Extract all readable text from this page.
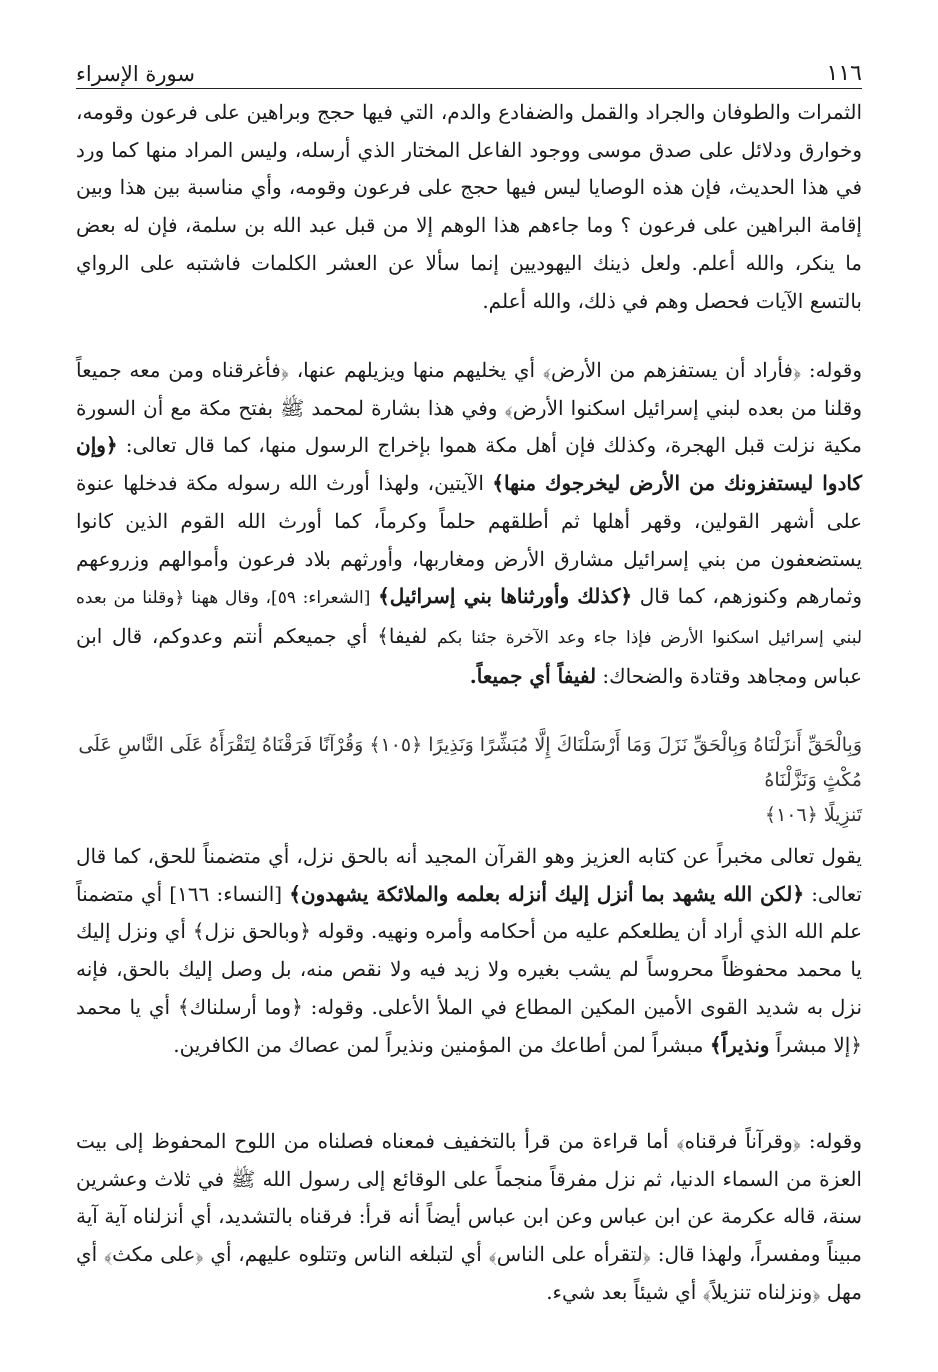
١١٦
سورة الإسراء

الثمرات والطوفان والجراد والقمل والضفادع والدم، التي فيها حجج وبراهين على فرعون وقومه، وخوارق ودلائل على صدق موسى ووجود الفاعل المختار الذي أرسله، وليس المراد منها كما ورد في هذا الحديث، فإن هذه الوصايا ليس فيها حجج على فرعون وقومه، وأي مناسبة بين هذا وبين إقامة البراهين على فرعون ؟ وما جاءهم هذا الوهم إلا من قبل عبد الله بن سلمة، فإن له بعض ما ينكر، والله أعلم. ولعل ذينك اليهوديين إنما سألا عن العشر الكلمات فاشتبه على الرواي بالتسع الآيات فحصل وهم في ذلك، والله أعلم.

وقوله: ﴿فأراد أن يستفزهم من الأرض﴾ أي يخليهم منها ويزيلهم عنها، ﴿فأغرقناه ومن معه جميعاً وقلنا من بعده لبني إسرائيل اسكنوا الأرض﴾ وفي هذا بشارة لمحمد ﷺ بفتح مكة مع أن السورة مكية نزلت قبل الهجرة، وكذلك فإن أهل مكة هموا بإخراج الرسول منها، كما قال تعالى: ﴿وإن كادوا ليستفزونك من الأرض ليخرجوك منها﴾ الآيتين، ولهذا أورث الله رسوله مكة فدخلها عنوة على أشهر القولين، وقهر أهلها ثم أطلقهم حلماً وكرماً، كما أورث الله القوم الذين كانوا يستضعفون من بني إسرائيل مشارق الأرض ومغاربها، وأورثهم بلاد فرعون وأموالهم وزروعهم وثمارهم وكنوزهم، كما قال ﴿كذلك وأورثناها بني إسرائيل﴾ [الشعراء: ٥٩]، وقال ههنا ﴿وقلنا من بعده لبني إسرائيل اسكنوا الأرض فإذا جاء وعد الآخرة جئنا بكم لفيفا﴾ أي جميعكم أنتم وعدوكم، قال ابن عباس ومجاهد وقتادة والضحاك: لفيفاً أي جميعاً.

وَبِالْحَقِّ أَنزَلْنَاهُ وَبِالْحَقِّ نَزَلَ وَمَا أَرْسَلْنَاكَ إِلَّا مُبَشِّرًا وَنَذِيرًا ﴿١٠٥﴾ وَقُرْآنًا فَرَقْنَاهُ لِتَقْرَأَهُ عَلَى النَّاسِ عَلَى مُكْثٍ وَنَزَّلْنَاهُ
تَنزِيلًا ﴿١٠٦﴾

يقول تعالى مخبراً عن كتابه العزيز وهو القرآن المجيد أنه بالحق نزل، أي متضمناً للحق، كما قال تعالى: ﴿لكن الله يشهد بما أنزل إليك أنزله بعلمه والملائكة يشهدون﴾ [النساء: ١٦٦] أي متضمناً علم الله الذي أراد أن يطلعكم عليه من أحكامه وأمره ونهيه. وقوله ﴿وبالحق نزل﴾ أي ونزل إليك يا محمد محفوظاً محروساً لم يشب بغيره ولا زيد فيه ولا نقص منه، بل وصل إليك بالحق، فإنه نزل به شديد القوى الأمين المكين المطاع في الملأ الأعلى. وقوله: ﴿وما أرسلناك﴾ أي يا محمد ﴿إلا مبشراً ونذيراً﴾ مبشراً لمن أطاعك من المؤمنين ونذيراً لمن عصاك من الكافرين.

وقوله: ﴿وقرآناً فرقناه﴾ أما قراءة من قرأ بالتخفيف فمعناه فصلناه من اللوح المحفوظ إلى بيت العزة من السماء الدنيا، ثم نزل مفرقاً منجماً على الوقائع إلى رسول الله ﷺ في ثلاث وعشرين سنة، قاله عكرمة عن ابن عباس وعن ابن عباس أيضاً أنه قرأ: فرقناه بالتشديد، أي أنزلناه آية آية مبيناً ومفسراً، ولهذا قال: ﴿لتقرأه على الناس﴾ أي لتبلغه الناس وتتلوه عليهم، أي ﴿على مكث﴾ أي مهل ﴿ونزلناه تنزيلاً﴾ أي شيئاً بعد شيء.
